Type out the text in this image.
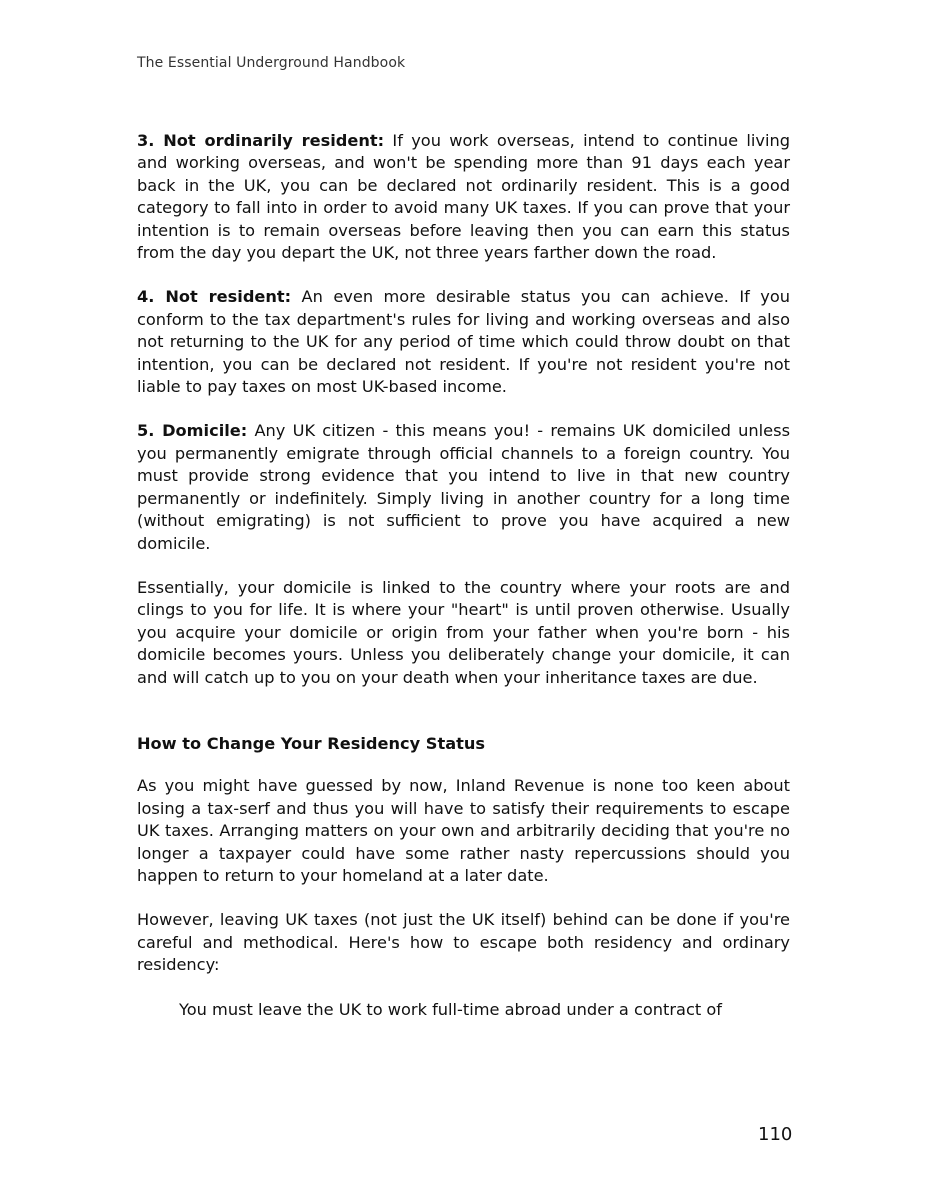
The Essential Underground Handbook

3. Not ordinarily resident: If you work overseas, intend to continue living and working overseas, and won't be spending more than 91 days each year back in the UK, you can be declared not ordinarily resident. This is a good category to fall into in order to avoid many UK taxes. If you can prove that your intention is to remain overseas before leaving then you can earn this status from the day you depart the UK, not three years farther down the road.

4. Not resident: An even more desirable status you can achieve. If you conform to the tax department's rules for living and working overseas and also not returning to the UK for any period of time which could throw doubt on that intention, you can be declared not resident. If you're not resident you're not liable to pay taxes on most UK-based income.

5. Domicile: Any UK citizen - this means you! - remains UK domiciled unless you permanently emigrate through official channels to a foreign country. You must provide strong evidence that you intend to live in that new country permanently or indefinitely. Simply living in another country for a long time (without emigrating) is not sufficient to prove you have acquired a new domicile.

Essentially, your domicile is linked to the country where your roots are and clings to you for life. It is where your "heart" is until proven otherwise. Usually you acquire your domicile or origin from your father when you're born - his domicile becomes yours. Unless you deliberately change your domicile, it can and will catch up to you on your death when your inheritance taxes are due.

How to Change Your Residency Status

As you might have guessed by now, Inland Revenue is none too keen about losing a tax-serf and thus you will have to satisfy their requirements to escape UK taxes. Arranging matters on your own and arbitrarily deciding that you're no longer a taxpayer could have some rather nasty repercussions should you happen to return to your homeland at a later date.

However, leaving UK taxes (not just the UK itself) behind can be done if you're careful and methodical. Here's how to escape both residency and ordinary residency:

You must leave the UK to work full-time abroad under a contract of

110
